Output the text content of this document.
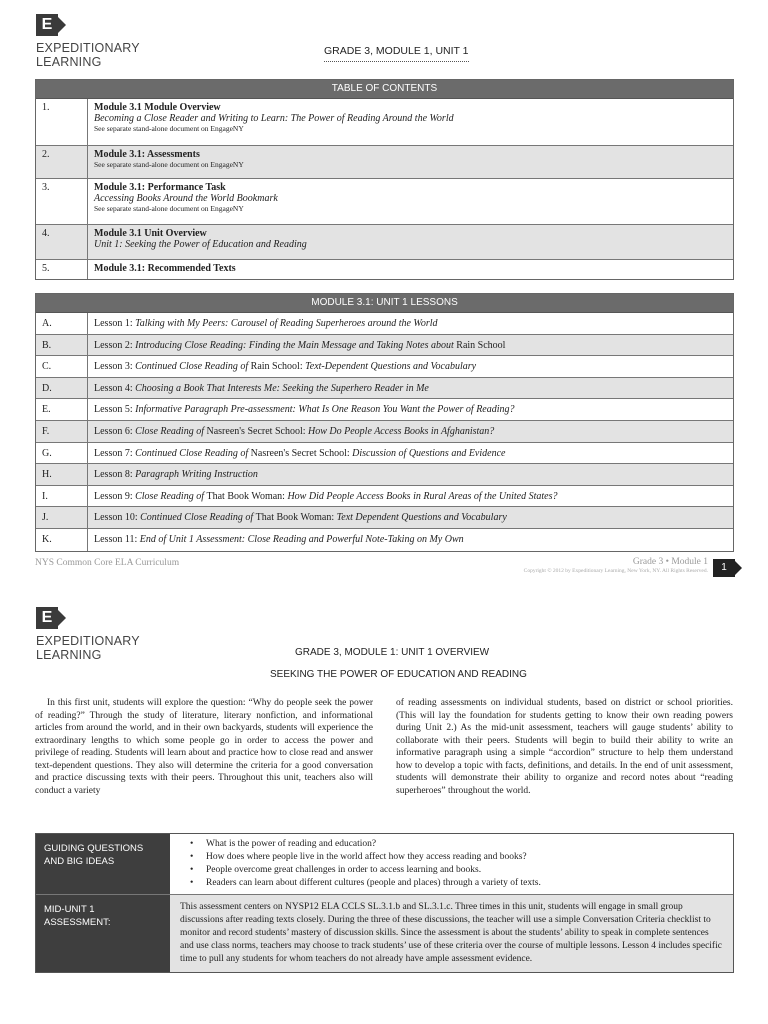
E
EXPEDITIONARY
LEARNING
GRADE 3, MODULE 1, UNIT 1
TABLE OF CONTENTS
1.	Module 3.1 Module Overview
Becoming a Close Reader and Writing to Learn: The Power of Reading Around the World
See separate stand-alone document on EngageNY
2.	Module 3.1: Assessments
See separate stand-alone document on EngageNY
3.	Module 3.1: Performance Task
Accessing Books Around the World Bookmark
See separate stand-alone document on EngageNY
4.	Module 3.1 Unit Overview
Unit 1: Seeking the Power of Education and Reading
5.	Module 3.1: Recommended Texts
MODULE 3.1: UNIT 1 LESSONS
A.	Lesson 1: Talking with My Peers: Carousel of Reading Superheroes around the World
B.	Lesson 2: Introducing Close Reading: Finding the Main Message and Taking Notes about Rain School
C.	Lesson 3: Continued Close Reading of Rain School: Text-Dependent Questions and Vocabulary
D.	Lesson 4: Choosing a Book That Interests Me: Seeking the Superhero Reader in Me
E.	Lesson 5: Informative Paragraph Pre-assessment: What Is One Reason You Want the Power of Reading?
F.	Lesson 6: Close Reading of Nasreen's Secret School: How Do People Access Books in Afghanistan?
G.	Lesson 7: Continued Close Reading of Nasreen's Secret School: Discussion of Questions and Evidence
H.	Lesson 8: Paragraph Writing Instruction
I.	Lesson 9: Close Reading of That Book Woman: How Did People Access Books in Rural Areas of the United States?
J.	Lesson 10: Continued Close Reading of That Book Woman: Text Dependent Questions and Vocabulary
K.	Lesson 11: End of Unit 1 Assessment: Close Reading and Powerful Note-Taking on My Own
NYS Common Core ELA Curriculum	Grade 3 • Module 1
Copyright © 2012 by Expeditionary Learning, New York, NY. All Rights Reserved.	1
E
EXPEDITIONARY
LEARNING	GRADE 3, MODULE 1: UNIT 1 OVERVIEW
SEEKING THE POWER OF EDUCATION AND READING
In this first unit, students will explore the question: “Why do people seek the power of reading?” Through the study of literature, literary nonfiction, and informational articles from around the world, and in their own backyards, students will experience the extraordinary lengths to which some people go in order to access the power and privilege of reading. Students will learn about and practice how to close read and answer text-dependent questions. They also will determine the criteria for a good conversation and practice discussing texts with their peers. Throughout this unit, teachers also will conduct a variety
of reading assessments on individual students, based on district or school priorities. (This will lay the foundation for students getting to know their own reading powers during Unit 2.) As the mid-unit assessment, teachers will gauge students’ ability to collaborate with their peers. Students will begin to build their ability to write an informative paragraph using a simple “accordion” structure to help them understand how to develop a topic with facts, definitions, and details. In the end of unit assessment, students will demonstrate their ability to organize and record notes about “reading superheroes” throughout the world.
GUIDING QUESTIONS AND BIG IDEAS
• What is the power of reading and education?
• How does where people live in the world affect how they access reading and books?
• People overcome great challenges in order to access learning and books.
• Readers can learn about different cultures (people and places) through a variety of texts.
MID-UNIT 1 ASSESSMENT:
This assessment centers on NYSP12 ELA CCLS SL.3.1.b and SL.3.1.c. Three times in this unit, students will engage in small group discussions after reading texts closely. During the three of these discussions, the teacher will use a simple Conversation Criteria checklist to monitor and record students’ mastery of discussion skills. Since the assessment is about the students’ ability to speak in complete sentences and use class norms, teachers may choose to track students’ use of these criteria over the course of multiple lessons. Lesson 4 includes specific time to pull any students for whom teachers do not already have ample assessment evidence.
